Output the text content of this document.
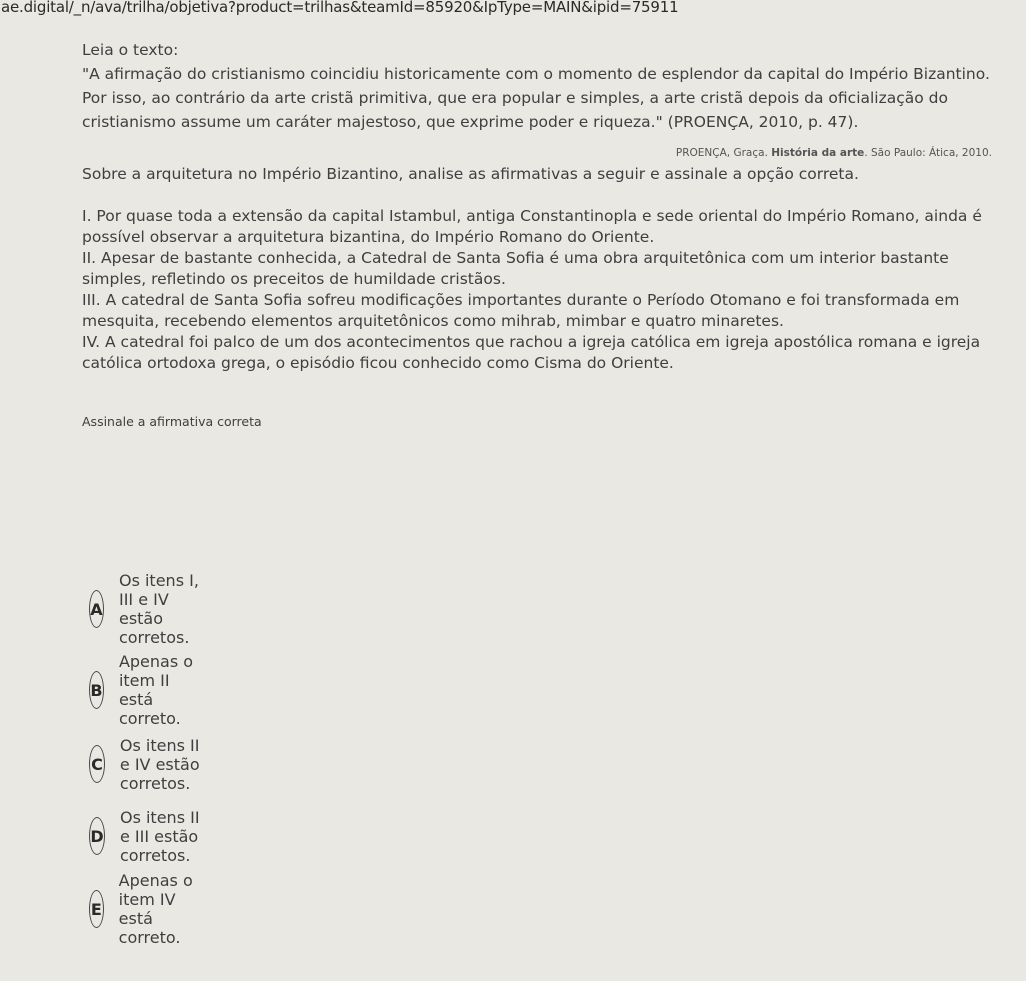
ae.digital/_n/ava/trilha/objetiva?product=trilhas&teamId=85920&IpType=MAIN&ipid=75911

Leia o texto:

"A afirmação do cristianismo coincidiu historicamente com o momento de esplendor da capital do Império Bizantino. Por isso, ao contrário da arte cristã primitiva, que era popular e simples, a arte cristã depois da oficialização do cristianismo assume um caráter majestoso, que exprime poder e riqueza." (PROENÇA, 2010, p. 47).

PROENÇA, Graça. História da arte. São Paulo: Ática, 2010.

Sobre a arquitetura no Império Bizantino, analise as afirmativas a seguir e assinale a opção correta.

I. Por quase toda a extensão da capital Istambul, antiga Constantinopla e sede oriental do Império Romano, ainda é possível observar a arquitetura bizantina, do Império Romano do Oriente.

II. Apesar de bastante conhecida, a Catedral de Santa Sofia é uma obra arquitetônica com um interior bastante simples, refletindo os preceitos de humildade cristãos.

III. A catedral de Santa Sofia sofreu modificações importantes durante o Período Otomano e foi transformada em mesquita, recebendo elementos arquitetônicos como mihrab, mimbar e quatro minaretes.

IV. A catedral foi palco de um dos acontecimentos que rachou a igreja católica em igreja apostólica romana e igreja católica ortodoxa grega, o episódio ficou conhecido como Cisma do Oriente.

Assinale a afirmativa correta

A
Os itens I, III e IV estão corretos.
B
Apenas o item II está correto.
C
Os itens II e IV estão corretos.
D
Os itens II e III estão corretos.
E
Apenas o item IV está correto.
